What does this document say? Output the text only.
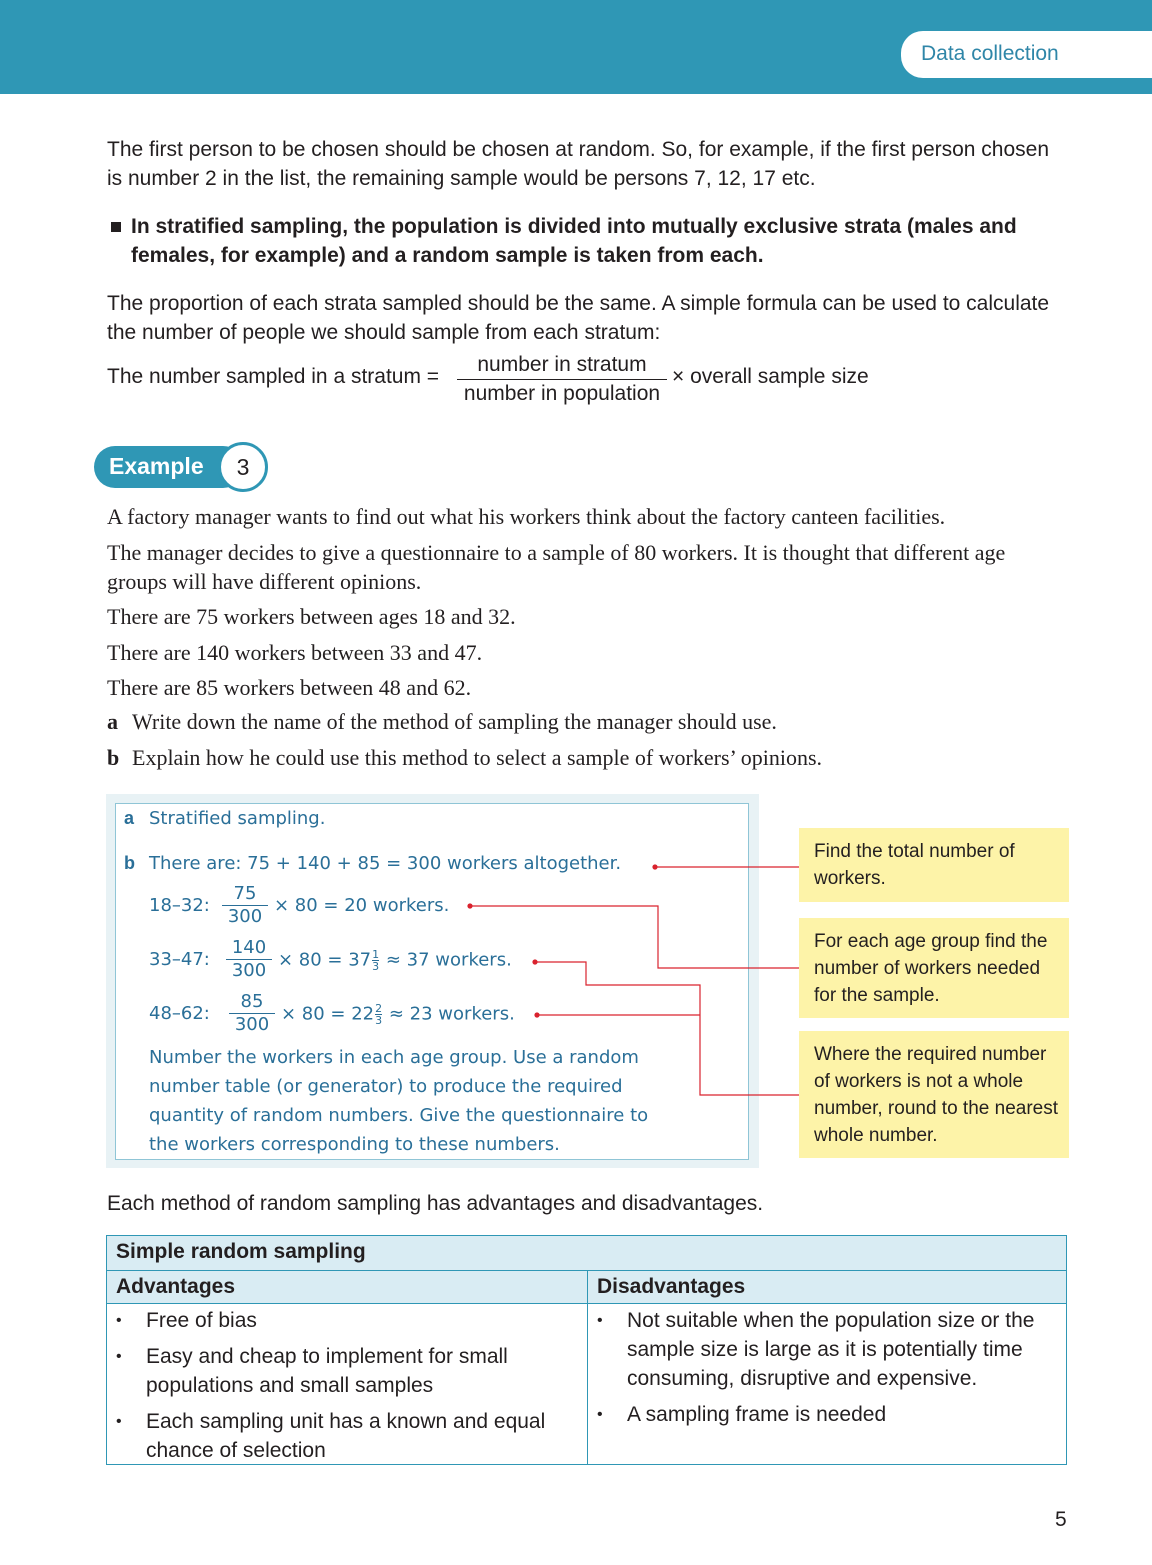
Data collection

The first person to be chosen should be chosen at random. So, for example, if the first person chosen is number 2 in the list, the remaining sample would be persons 7, 12, 17 etc.

In stratified sampling, the population is divided into mutually exclusive strata (males and females, for example) and a random sample is taken from each.

The proportion of each strata sampled should be the same. A simple formula can be used to calculate the number of people we should sample from each stratum:

The number sampled in a stratum =
number in stratum
number in population
× overall sample size
Example	3

A factory manager wants to find out what his workers think about the factory canteen facilities.

The manager decides to give a questionnaire to a sample of 80 workers. It is thought that different age groups will have different opinions.

There are 75 workers between ages 18 and 32.

There are 140 workers between 33 and 47.

There are 85 workers between 48 and 62.

a Write down the name of the method of sampling the manager should use.
b Explain how he could use this method to select a sample of workers’ opinions.
a Stratified sampling.
b There are: 75 + 140 + 85 = 300 workers altogether.
18–32: $\frac{75}{300} \times 80 = 20$ workers.
33–47: $\frac{140}{300} \times 80 = 37 \frac{1}{3} \approx 37$ workers.
48–62: $\frac{85}{300} \times 80 = 22 \frac{2}{3} \approx 23$ workers.

Number the workers in each age group. Use a random number table (or generator) to produce the required quantity of random numbers. Give the questionnaire to the workers corresponding to these numbers.

Find the total number of workers.
For each age group find the number of workers needed for the sample.
Where the required number of workers is not a whole number, round to the nearest whole number.
Each method of random sampling has advantages and disadvantages.
Simple random sampling
Advantages	Disadvantages
• Free of bias
• Easy and cheap to implement for small populations and small samples
• Each sampling unit has a known and equal chance of selection
• Not suitable when the population size or the sample size is large as it is potentially time consuming, disruptive and expensive.
• A sampling frame is needed
5
